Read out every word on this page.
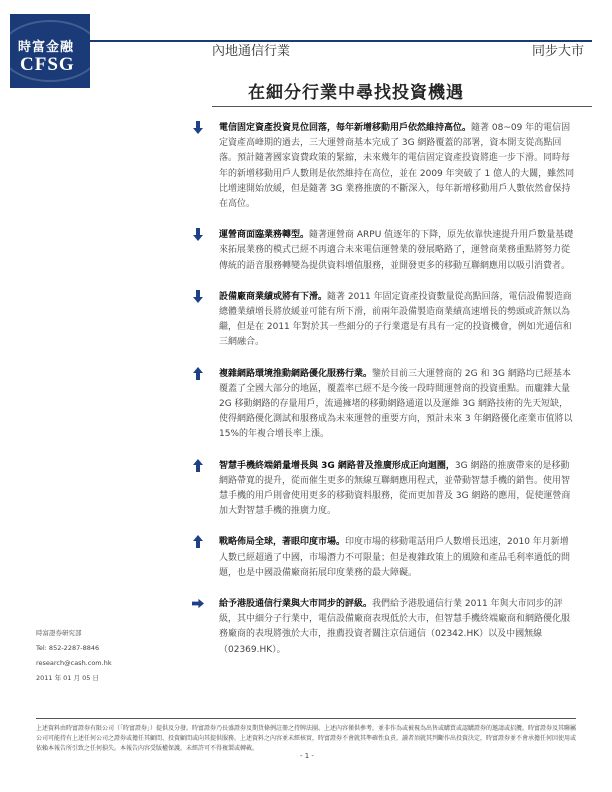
時富金融
CFSG
內地通信行業	同步大市
在細分行業中尋找投資機遇

電信固定資產投資見位回落，每年新增移動用戶依然維持高位。隨著 08~09 年的電信固定資產高峰期的過去，三大運營商基本完成了 3G 網路覆蓋的部署，資本開支從高點回落。預計隨著國家資費政策的緊縮，未來幾年的電信固定資產投資將進一步下滑。同時每年的新增移動用戶人數則是依然維持在高位，並在 2009 年突破了 1 億人的大關，雖然同比增速開始放緩，但是隨著 3G 業務推廣的不斷深入，每年新增移動用戶人數依然會保持在高位。

運營商面臨業務轉型。隨著運營商 ARPU 值逐年的下降，原先依靠快速提升用戶數量基礎來拓展業務的模式已經不再適合未來電信運營業的發展略路了，運營商業務重點將努力從傳統的語音服務轉變為提供資料增值服務，並開發更多的移動互聯網應用以吸引消費者。

設備廠商業績或將有下滑。隨著 2011 年固定資產投資數量從高點回落，電信設備製造商總體業績增長將放緩並可能有所下滑，前兩年設備製造商業績高速增長的勢頭或許無以為繼，但是在 2011 年對於其一些細分的子行業還是有具有一定的投資機會，例如光通信和三網融合。

複雜網路環境推動網路優化服務行業。鑒於目前三大運營商的 2G 和 3G 網路均已經基本覆蓋了全國大部分的地區，覆蓋率已經不是今後一段時間運營商的投資重點。而龐雜大量 2G 移動網路的存量用戶，流通擁堵的移動網路通道以及運維 3G 網路技術的先天短缺，使得網路優化測試和服務成為未來運營的重要方向，預計未來 3 年網路優化產業市值將以 15%的年複合增長率上漲。

智慧手機終端銷量增長與 3G 網路普及推廣形成正向迴圈，3G 網路的推廣帶來的是移動網路帶寬的提升，從而催生更多的無線互聯網應用程式，並帶動智慧手機的銷售。使用智慧手機的用戶則會使用更多的移動資料服務，從而更加普及 3G 網路的應用，促使運營商加大對智慧手機的推廣力度。

戰略佈局全球，著眼印度市場。印度市場的移動電話用戶人數增長迅速，2010 年月新增人數已經超過了中國，市場潛力不可限量；但是複雜政策上的風險和產品毛利率過低的問題，也是中國設備廠商拓展印度業務的最大障礙。

給予港股通信行業與大市同步的評級。我們給予港股通信行業 2011 年與大市同步的評級，其中細分子行業中，電信設備廠商表現低於大市，但智慧手機終端廠商和網路優化服務廠商的表現將強於大市，推薦投資者關注京信通信（02342.HK）以及中國無線（02369.HK）。

時富證券研究部
Tel: 852-2287-8846
research@cash.com.hk
2011 年 01 月 05 日
上述資料由時富證券有限公司（「時富證券」）提供及分發。時富證券乃長盛證券及期貨條例註冊之持牌法團。上述內容僅供參考，並非作為或被視為出售或購買或認購證券的邀請或招攬。時富證券及其聯屬公司可能持有上述任何公司之證券或擔任其顧問、投資顧問或向其提供服務。上述資料之內容並未經核實，時富證券不會就其準確性負責。讀者須就其判斷作出投資決定，時富證券並不會承擔任何因使用或依賴本報告所引致之任何損失。本報告內容受版權保護，未經許可不得複製或轉載。
- 1 -
